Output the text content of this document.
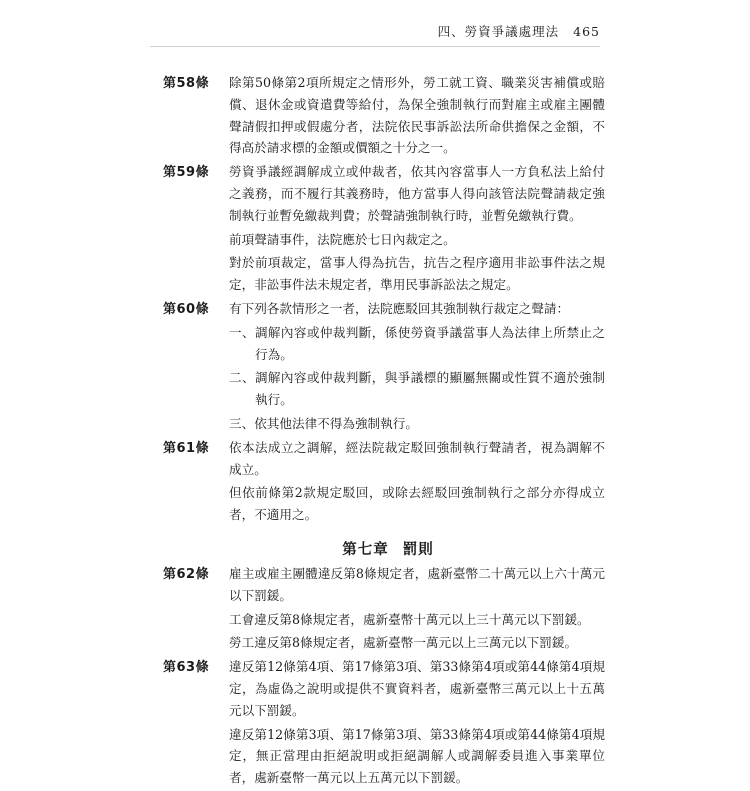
四、勞資爭議處理法 465
第58條 除第50條第2項所規定之情形外，勞工就工資、職業災害補償或賠償、退休金或資遣費等給付，為保全強制執行而對雇主或雇主團體聲請假扣押或假處分者，法院依民事訴訟法所命供擔保之金額，不得高於請求標的金額或價額之十分之一。

第59條 勞資爭議經調解成立或仲裁者，依其內容當事人一方負私法上給付之義務，而不履行其義務時，他方當事人得向該管法院聲請裁定強制執行並暫免繳裁判費；於聲請強制執行時，並暫免繳執行費。

前項聲請事件，法院應於七日內裁定之。

對於前項裁定，當事人得為抗告，抗告之程序適用非訟事件法之規定，非訟事件法未規定者，準用民事訴訟法之規定。

第60條 有下列各款情形之一者，法院應駁回其強制執行裁定之聲請：

一、調解內容或仲裁判斷，係使勞資爭議當事人為法律上所禁止之行為。

二、調解內容或仲裁判斷，與爭議標的顯屬無關或性質不適於強制執行。

三、依其他法律不得為強制執行。

第61條 依本法成立之調解，經法院裁定駁回強制執行聲請者，視為調解不成立。

但依前條第2款規定駁回，或除去經駁回強制執行之部分亦得成立者，不適用之。

第七章 罰則
第62條 雇主或雇主團體違反第8條規定者，處新臺幣二十萬元以上六十萬元以下罰鍰。

工會違反第8條規定者，處新臺幣十萬元以上三十萬元以下罰鍰。

勞工違反第8條規定者，處新臺幣一萬元以上三萬元以下罰鍰。

第63條 違反第12條第4項、第17條第3項、第33條第4項或第44條第4項規定，為虛偽之說明或提供不實資料者，處新臺幣三萬元以上十五萬元以下罰鍰。

違反第12條第3項、第17條第3項、第33條第4項或第44條第4項規定，無正當理由拒絕說明或拒絕調解人或調解委員進入事業單位者，處新臺幣一萬元以上五萬元以下罰鍰。
